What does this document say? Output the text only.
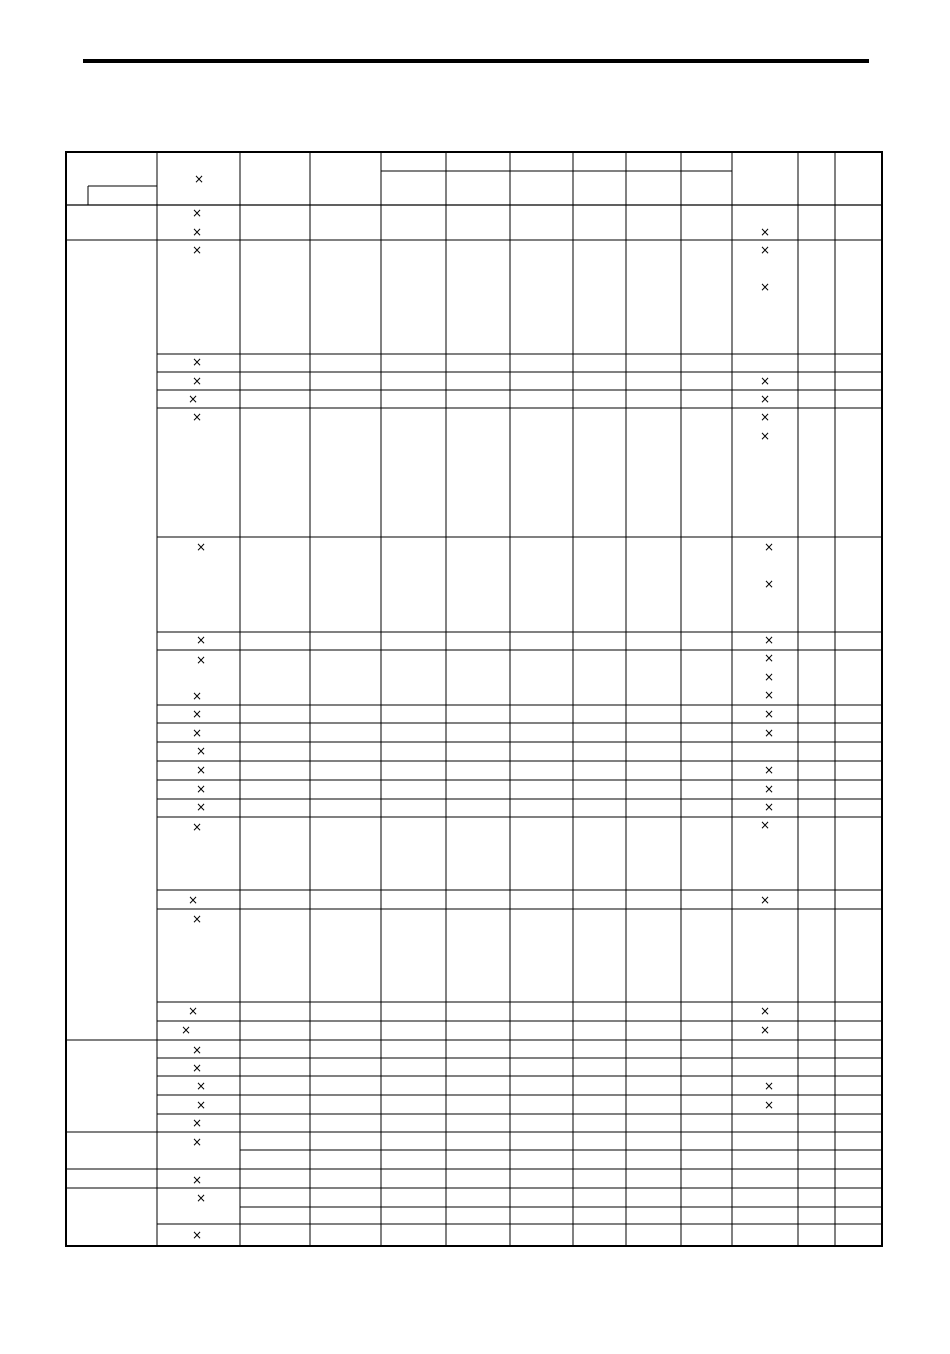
×
×
×
×
×
×
×
×
×
×
×
×
×
×
×
×
×
×
×
×
×
×
×
×
×
×
×
×
×
×
×
×
×
×
×
×
×
×
×
×
×
×
×
×
×
×
×
×
×
×
×
×
×
×
×
×
